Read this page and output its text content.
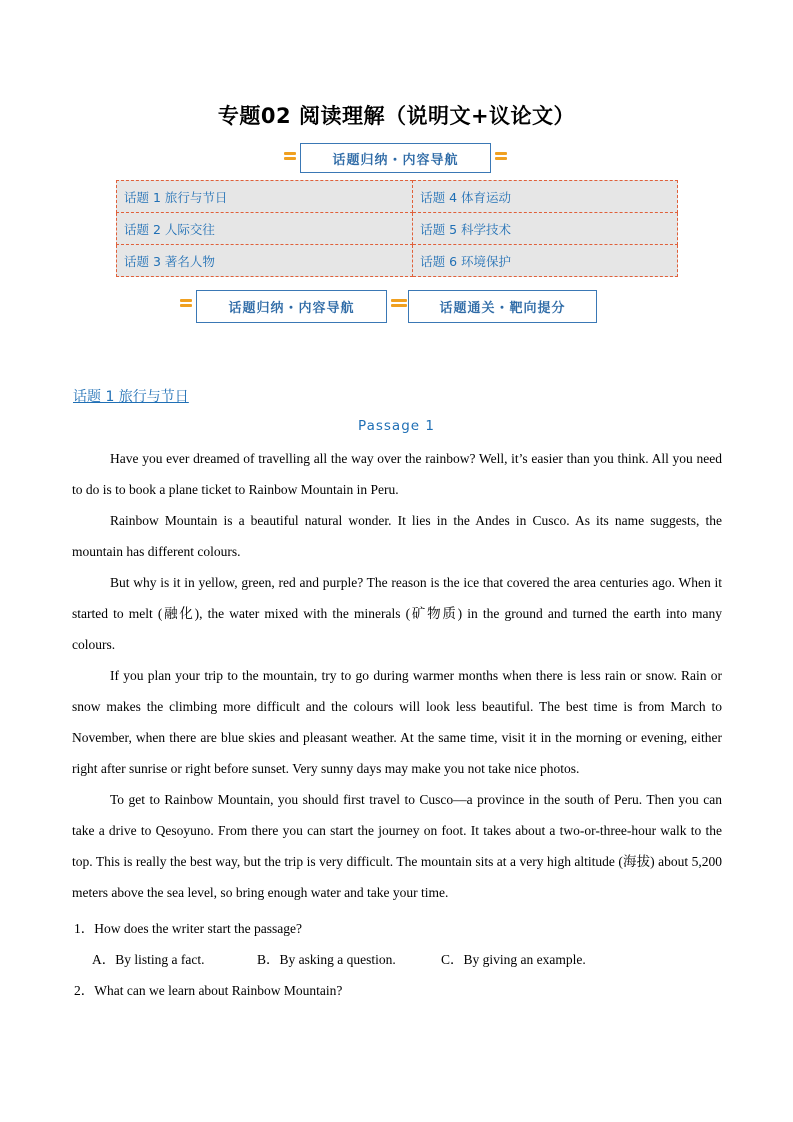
专题02 阅读理解（说明文+议论文）
话题归纳・内容导航
话题 1 旅行与节日	话题 4 体育运动
话题 2 人际交往	话题 5 科学技术
话题 3 著名人物	话题 6 环境保护
话题归纳・内容导航	话题通关・靶向提分
话题 1 旅行与节日
Passage 1

Have you ever dreamed of travelling all the way over the rainbow? Well, it’s easier than you think. All you need to do is to book a plane ticket to Rainbow Mountain in Peru.

Rainbow Mountain is a beautiful natural wonder. It lies in the Andes in Cusco. As its name suggests, the mountain has different colours.

But why is it in yellow, green, red and purple? The reason is the ice that covered the area centuries ago. When it started to melt (融化), the water mixed with the minerals (矿物质) in the ground and turned the earth into many colours.

If you plan your trip to the mountain, try to go during warmer months when there is less rain or snow. Rain or snow makes the climbing more difficult and the colours will look less beautiful. The best time is from March to November, when there are blue skies and pleasant weather. At the same time, visit it in the morning or evening, either right after sunrise or right before sunset. Very sunny days may make you not take nice photos.

To get to Rainbow Mountain, you should first travel to Cusco—a province in the south of Peru. Then you can take a drive to Qesoyuno. From there you can start the journey on foot. It takes about a two-or-three-hour walk to the top. This is really the best way, but the trip is very difficult. The mountain sits at a very high altitude (海拔) about 5,200 meters above the sea level, so bring enough water and take your time.

1．How does the writer start the passage?
A．By listing a fact.	B．By asking a question.	C．By giving an example.
2．What can we learn about Rainbow Mountain?
